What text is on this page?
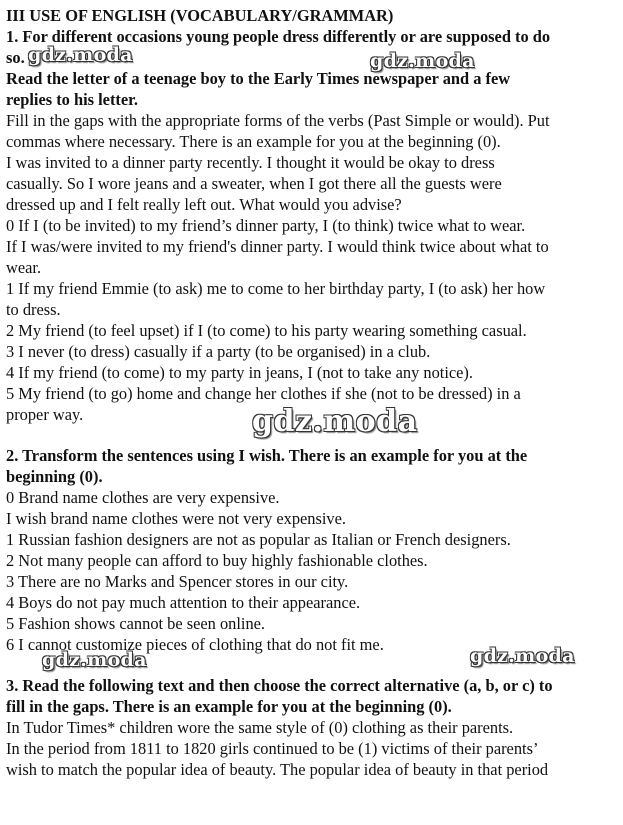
III USE OF ENGLISH (VOCABULARY/GRAMMAR)
1. For different occasions young people dress differently or are supposed to do
so.
Read the letter of a teenage boy to the Early Times newspaper and a few
replies to his letter.
Fill in the gaps with the appropriate forms of the verbs (Past Simple or would). Put
commas where necessary. There is an example for you at the beginning (0).
I was invited to a dinner party recently. I thought it would be okay to dress
casually. So I wore jeans and a sweater, when I got there all the guests were
dressed up and I felt really left out. What would you advise?
0 If I (to be invited) to my friend’s dinner party, I (to think) twice what to wear.
If I was/were invited to my friend's dinner party. I would think twice about what to
wear.
1 If my friend Emmie (to ask) me to come to her birthday party, I (to ask) her how
to dress.
2 My friend (to feel upset) if I (to come) to his party wearing something casual.
3 I never (to dress) casually if a party (to be organised) in a club.
4 If my friend (to come) to my party in jeans, I (not to take any notice).
5 My friend (to go) home and change her clothes if she (not to be dressed) in a
proper way.
2. Transform the sentences using I wish. There is an example for you at the
beginning (0).
0 Brand name clothes are very expensive.
I wish brand name clothes were not very expensive.
1 Russian fashion designers are not as popular as Italian or French designers.
2 Not many people can afford to buy highly fashionable clothes.
3 There are no Marks and Spencer stores in our city.
4 Boys do not pay much attention to their appearance.
5 Fashion shows cannot be seen online.
6 I cannot customize pieces of clothing that do not fit me.
3. Read the following text and then choose the correct alternative (a, b, or c) to
fill in the gaps. There is an example for you at the beginning (0).
In Tudor Times* children wore the same style of (0) clothing as their parents.
In the period from 1811 to 1820 girls continued to be (1) victims of their parents’
wish to match the popular idea of beauty. The popular idea of beauty in that period
gdz.moda	gdz.moda
gdz.moda
gdz.moda	gdz.moda
